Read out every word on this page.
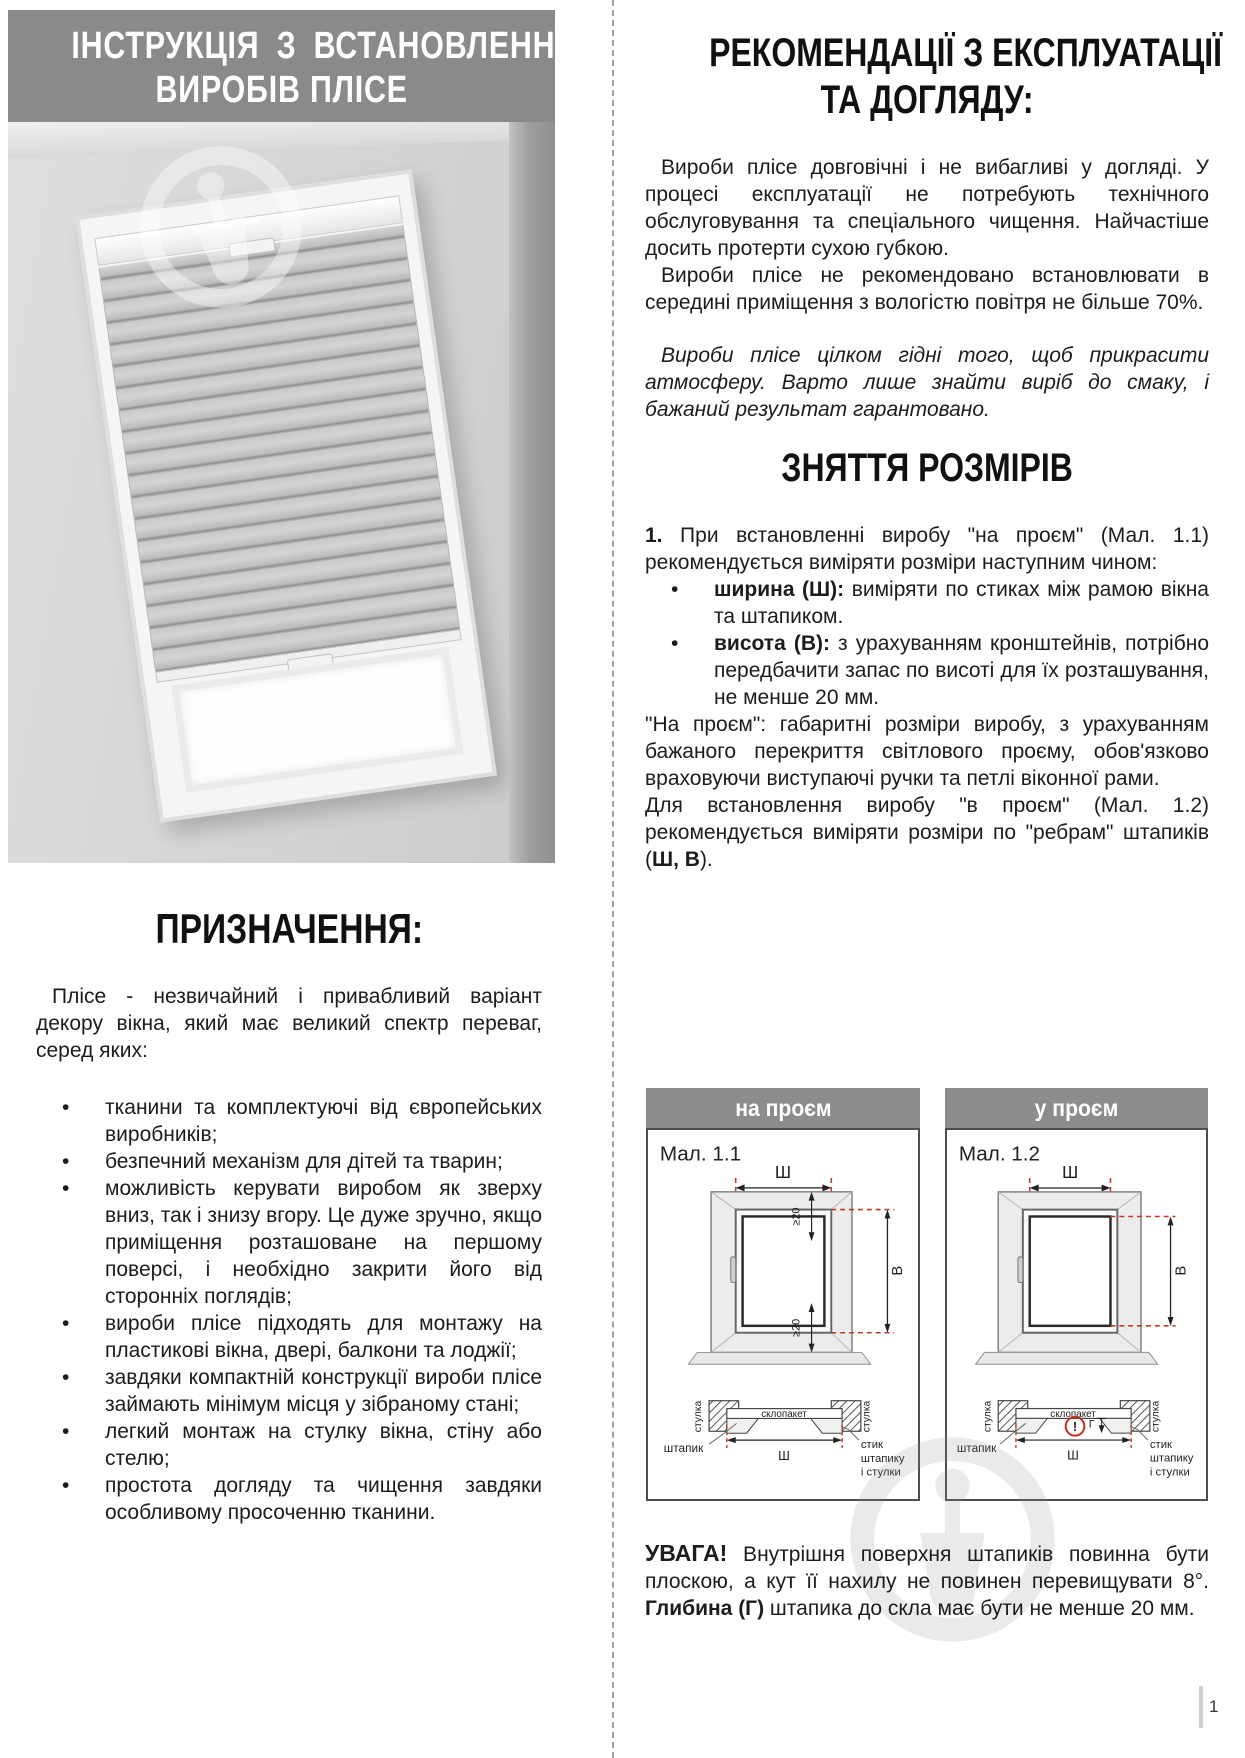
ІНСТРУКЦІЯ З ВСТАНОВЛЕННЯ
ВИРОБІВ ПЛІСЕ
ПРИЗНАЧЕННЯ:

Плісе - незвичайний і привабливий варіант декору вікна, який має великий спектр переваг, серед яких:

• тканини та комплектуючі від європейських виробників;
• безпечний механізм для дітей та тварин;
• можливість керувати виробом як зверху вниз, так і знизу вгору. Це дуже зручно, якщо приміщення розташоване на першому поверсі, і необхідно закрити його від сторонніх поглядів;
• вироби плісе підходять для монтажу на пластикові вікна, двері, балкони та лоджії;
• завдяки компактній конструкції вироби плісе займають мінімум місця у зібраному стані;
• легкий монтаж на стулку вікна, стіну або стелю;
• простота догляду та чищення завдяки особливому просоченню тканини.
РЕКОМЕНДАЦІЇ З ЕКСПЛУАТАЦІЇ
ТА ДОГЛЯДУ:

Вироби плісе довговічні і не вибагливі у догляді. У процесі експлуатації не потребують технічного обслуговування та спеціального чищення. Найчастіше досить протерти сухою губкою.

Вироби плісе не рекомендовано встановлювати в середині приміщення з вологістю повітря не більше 70%.

Вироби плісе цілком гідні того, щоб прикрасити атмосферу. Варто лише знайти виріб до смаку, і бажаний результат гарантовано.

ЗНЯТТЯ РОЗМІРІВ

1. При встановленні виробу "на проєм" (Мал. 1.1) рекомендується виміряти розміри наступним чином:

• ширина (Ш): виміряти по стиках між рамою вікна та штапиком.
• висота (В): з урахуванням кронштейнів, потрібно передбачити запас по висоті для їх розташування, не менше 20 мм.

"На проєм": габаритні розміри виробу, з урахуванням бажаного перекриття світлового проєму, обов'язково враховуючи виступаючі ручки та петлі віконної рами.

Для встановлення виробу "в проєм" (Мал. 1.2) рекомендується виміряти розміри по "ребрам" штапиків (Ш, В).

на проєм
Мал. 1.1
Ш
≥20
≥20
В
склопакет
стулка	стулка
Ш
штапик	стик
штапику
і стулки
у проєм
Мал. 1.2
Ш
В
склопакет
стулка	стулка
! Г
Ш
штапик	стик
штапику
і стулки

УВАГА! Внутрішня поверхня штапиків повинна бути плоскою, а кут її нахилу не повинен перевищувати 8°. Глибина (Г) штапика до скла має бути не менше 20 мм.

1
